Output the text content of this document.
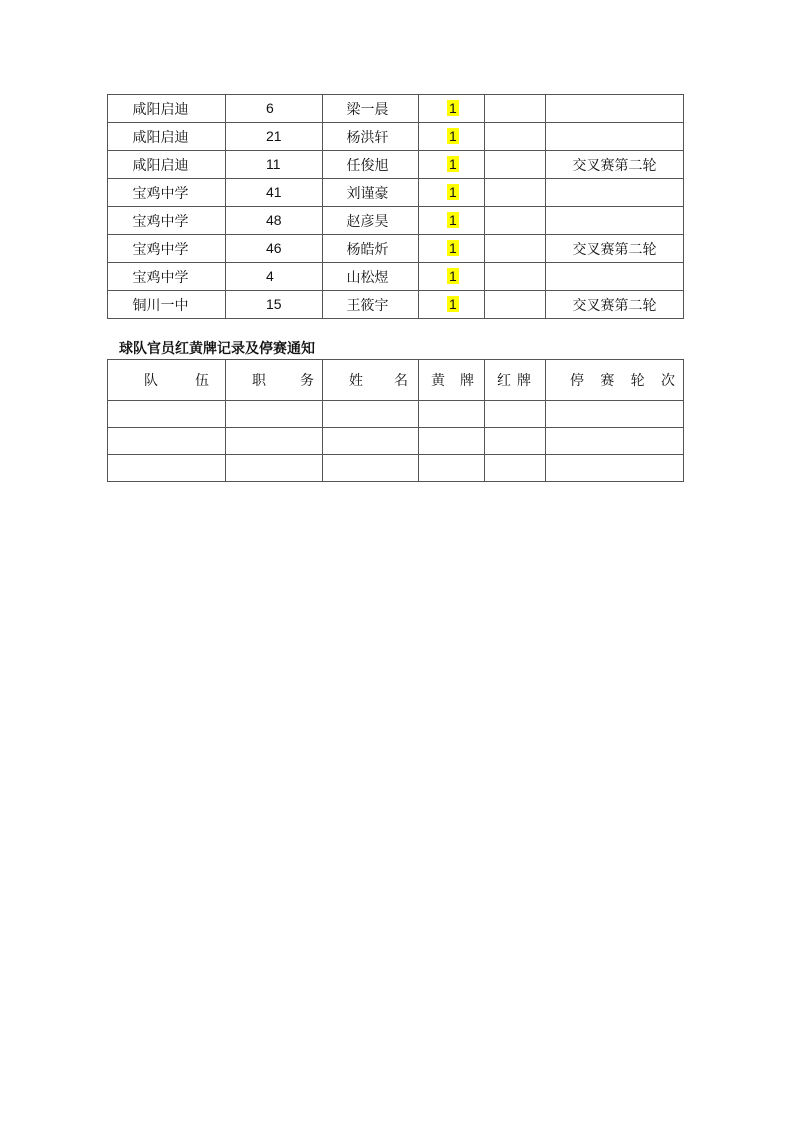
咸阳启迪	6	梁一晨	1		
咸阳启迪	21	杨洪轩	1		
咸阳启迪	11	任俊旭	1		交叉赛第二轮
宝鸡中学	41	刘谨豪	1		
宝鸡中学	48	赵彦昊	1		
宝鸡中学	46	杨皓炘	1		交叉赛第二轮
宝鸡中学	4	山松煜	1		
铜川一中	15	王筱宇	1		交叉赛第二轮

球队官员红黄牌记录及停赛通知

队伍	职务	姓名	黄牌	红牌	停赛轮次
